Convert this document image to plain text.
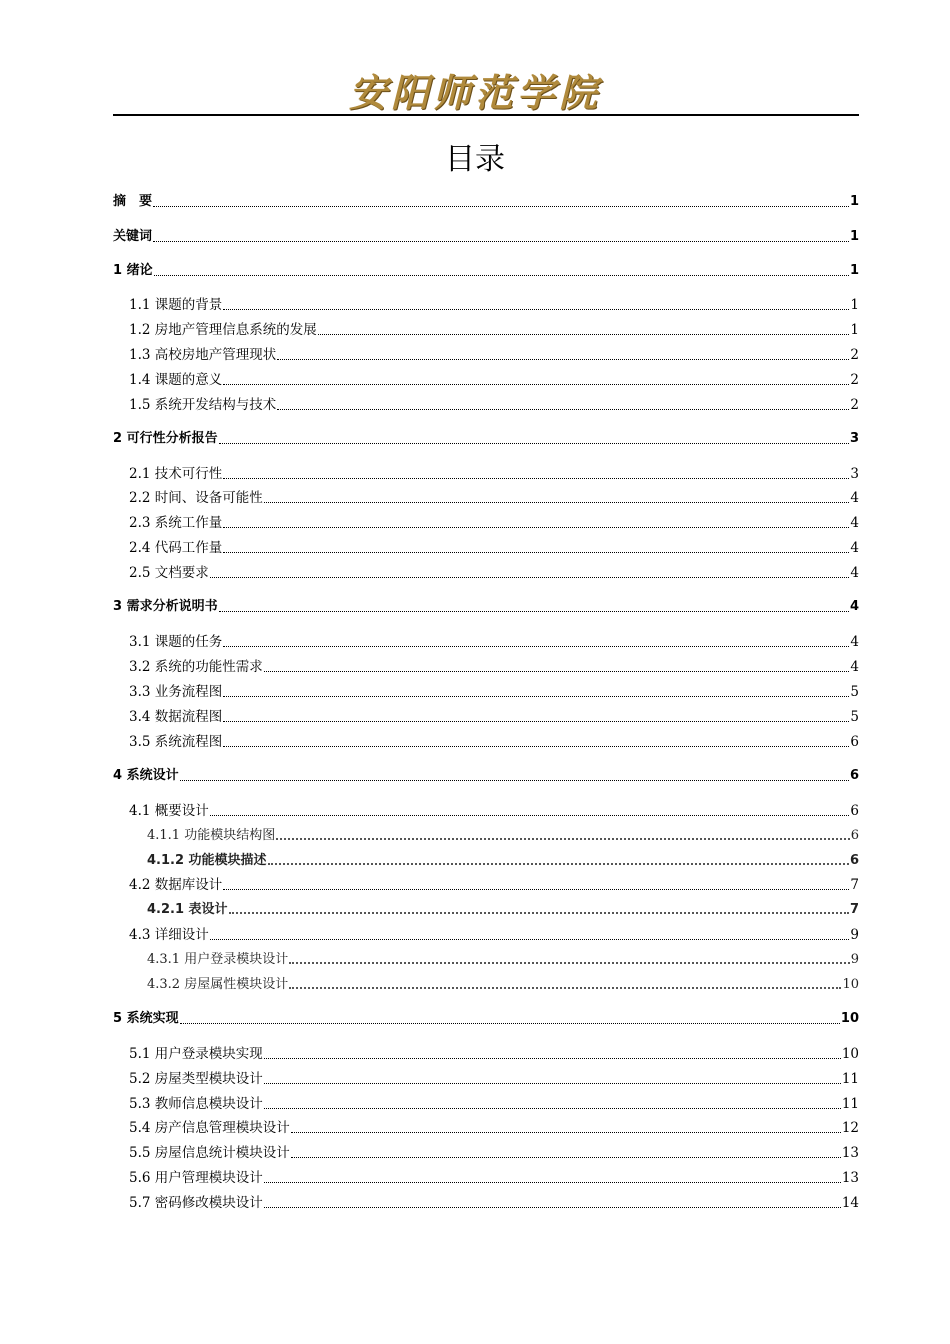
安阳师范学院
目录
摘　要	1
关键词	1
1 绪论	1
1.1 课题的背景	1
1.2 房地产管理信息系统的发展	1
1.3 高校房地产管理现状	2
1.4 课题的意义	2
1.5 系统开发结构与技术	2
2 可行性分析报告	3
2.1 技术可行性	3
2.2 时间、设备可能性	4
2.3 系统工作量	4
2.4 代码工作量	4
2.5 文档要求	4
3 需求分析说明书	4
3.1 课题的任务	4
3.2 系统的功能性需求	4
3.3 业务流程图	5
3.4 数据流程图	5
3.5 系统流程图	6
4 系统设计	6
4.1 概要设计	6
4.1.1 功能模块结构图	6
4.1.2 功能模块描述	6
4.2 数据库设计	7
4.2.1 表设计	7
4.3 详细设计	9
4.3.1 用户登录模块设计	9
4.3.2 房屋属性模块设计	10
5 系统实现	10
5.1 用户登录模块实现	10
5.2 房屋类型模块设计	11
5.3 教师信息模块设计	11
5.4 房产信息管理模块设计	12
5.5 房屋信息统计模块设计	13
5.6 用户管理模块设计	13
5.7 密码修改模块设计	14
